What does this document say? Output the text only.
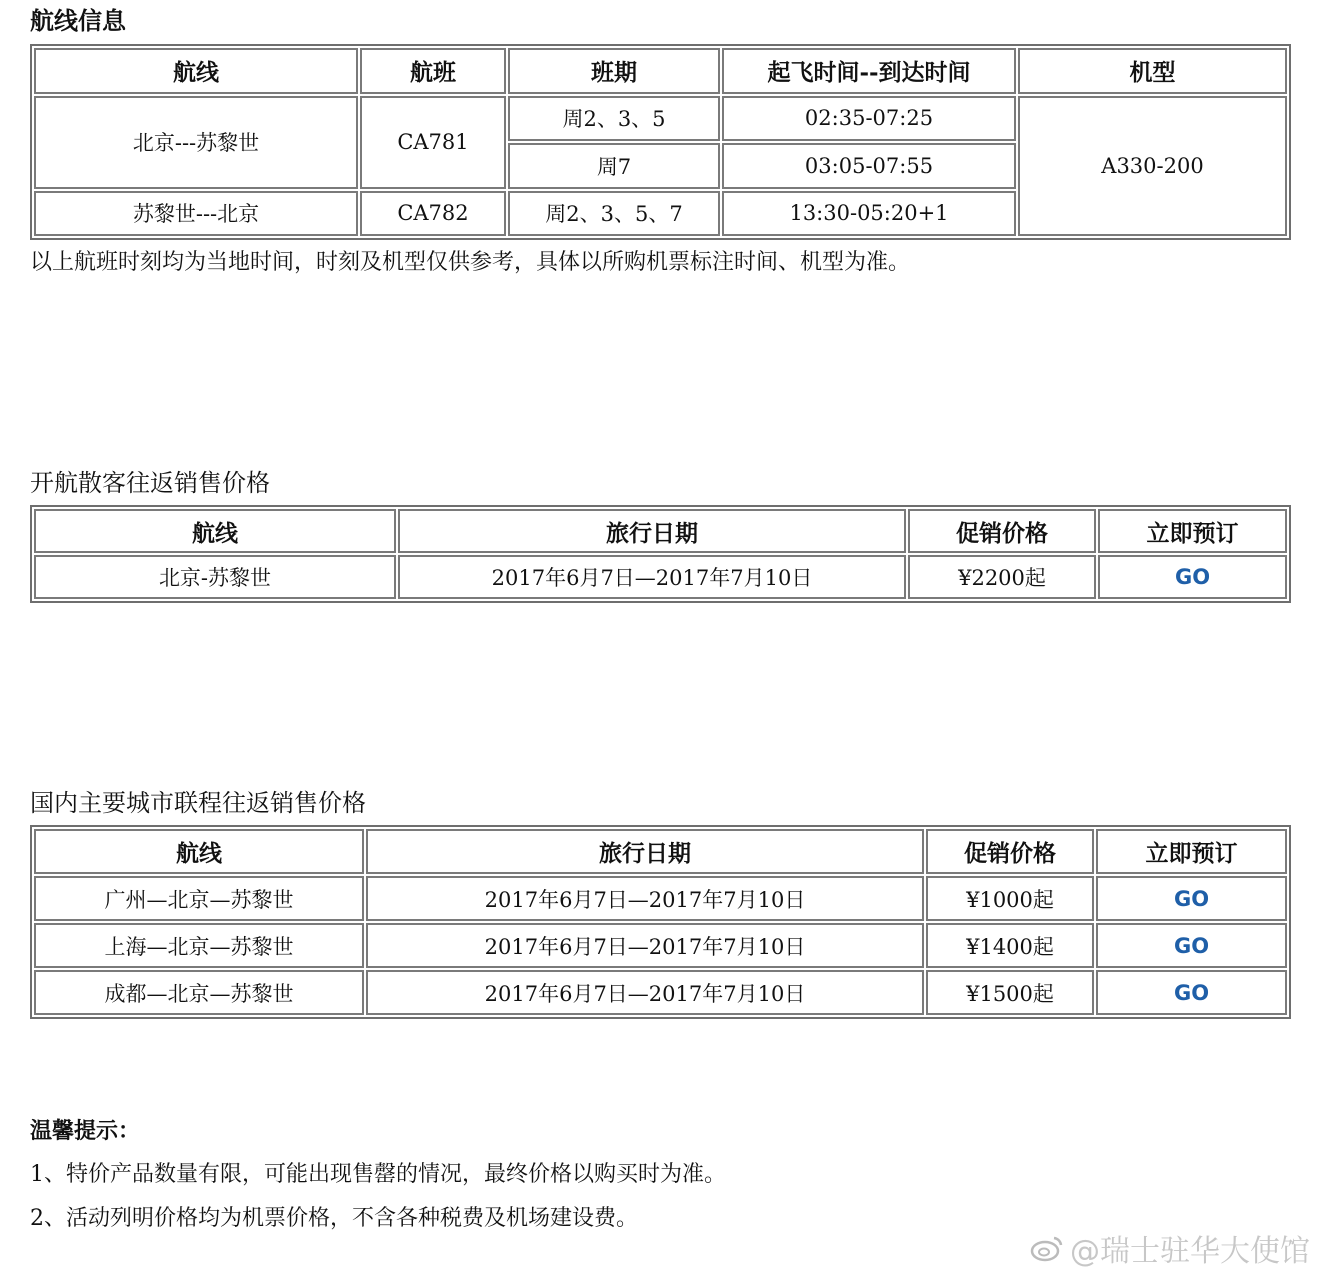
航线信息
航线	航班	班期	起飞时间--到达时间	机型
北京---苏黎世	CA781	周2、3、5	02:35-07:25	A330-200
		周7	03:05-07:55	
苏黎世---北京	CA782	周2、3、5、7	13:30-05:20+1	
以上航班时刻均为当地时间，时刻及机型仅供参考，具体以所购机票标注时间、机型为准。
开航散客往返销售价格
航线	旅行日期	促销价格	立即预订
北京-苏黎世	2017年6月7日—2017年7月10日	¥2200起	GO
国内主要城市联程往返销售价格
航线	旅行日期	促销价格	立即预订
广州—北京—苏黎世	2017年6月7日—2017年7月10日	¥1000起	GO
上海—北京—苏黎世	2017年6月7日—2017年7月10日	¥1400起	GO
成都—北京—苏黎世	2017年6月7日—2017年7月10日	¥1500起	GO
温馨提示：
1、特价产品数量有限，可能出现售罄的情况，最终价格以购买时为准。
2、活动列明价格均为机票价格，不含各种税费及机场建设费。
@瑞士驻华大使馆
